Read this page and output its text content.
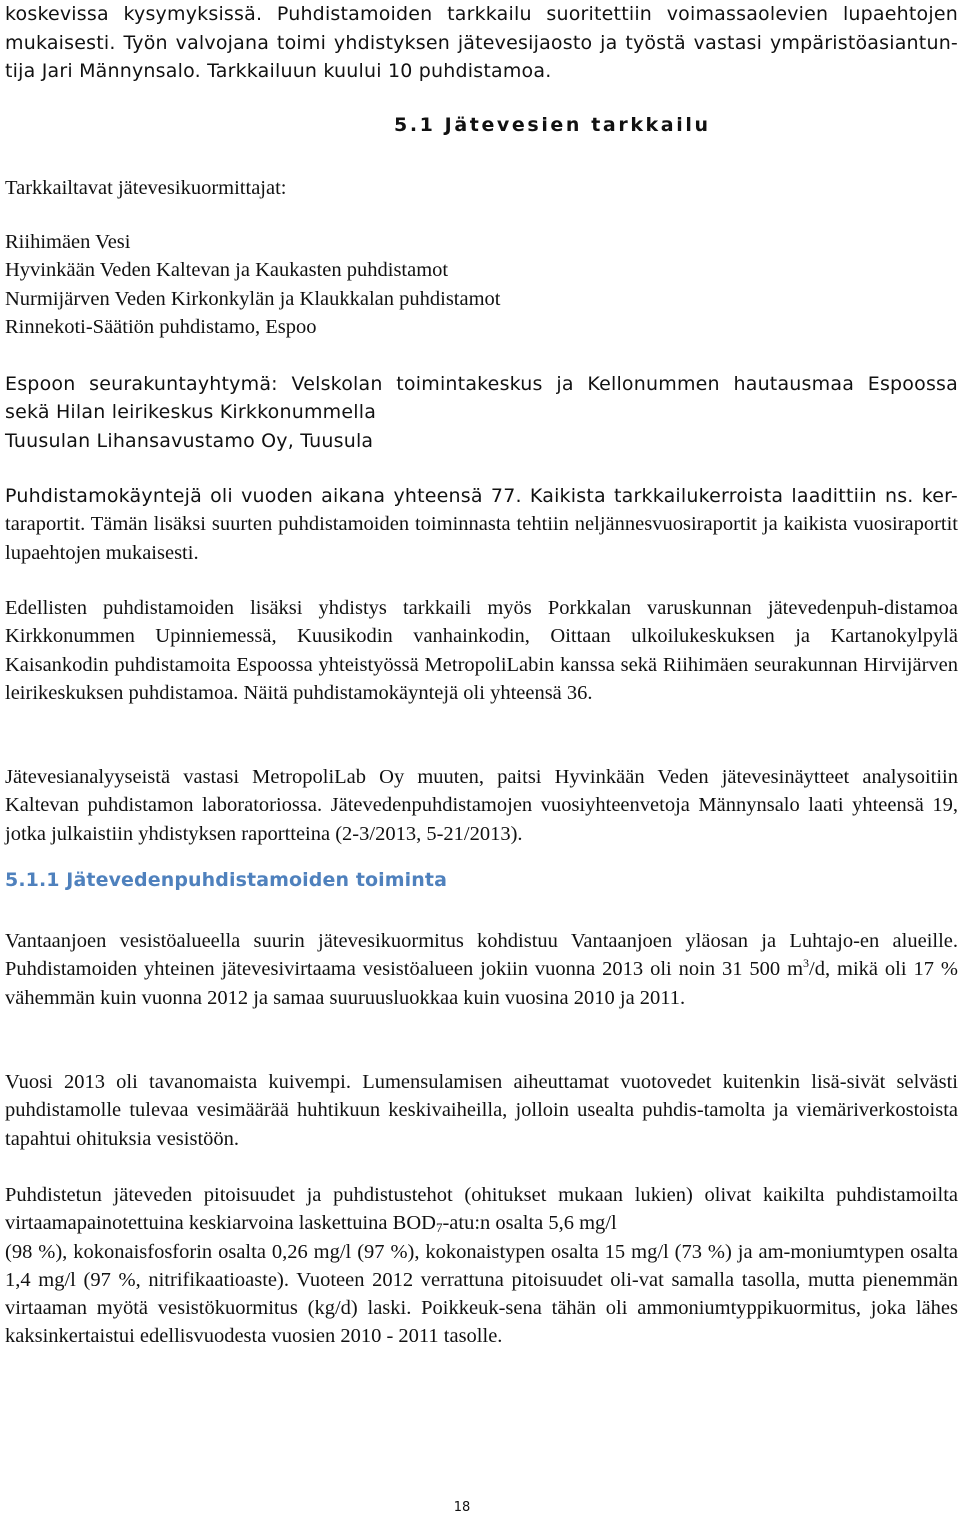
koskevissa kysymyksissä. Puhdistamoiden tarkkailu suoritettiin voimassaolevien lupaehtojen
mukaisesti. Työn valvojana toimi yhdistyksen jätevesijaosto ja työstä vastasi ympäristöasiantun-
tija Jari Männynsalo. Tarkkailuun kuului 10 puhdistamoa.
5.1 Jätevesien tarkkailu
Tarkkailtavat jätevesikuormittajat:
Riihimäen Vesi
Hyvinkään Veden Kaltevan ja Kaukasten puhdistamot
Nurmijärven Veden Kirkonkylän ja Klaukkalan puhdistamot
Rinnekoti-Säätiön puhdistamo, Espoo
Espoon seurakuntayhtymä: Velskolan toimintakeskus ja Kellonummen hautausmaa Espoossa
sekä Hilan leirikeskus Kirkkonummella
Tuusulan Lihansavustamo Oy, Tuusula
Puhdistamokäyntejä oli vuoden aikana yhteensä 77. Kaikista tarkkailukerroista laadittiin ns. ker-
taraportit. Tämän lisäksi suurten puhdistamoiden toiminnasta tehtiin neljännesvuosiraportit ja kaikista vuosiraportit lupaehtojen mukaisesti.

Edellisten puhdistamoiden lisäksi yhdistys tarkkaili myös Porkkalan varuskunnan jätevedenpuh-distamoa Kirkkonummen Upinniemessä, Kuusikodin vanhainkodin, Oittaan ulkoilukeskuksen ja Kartanokylpylä Kaisankodin puhdistamoita Espoossa yhteistyössä MetropoliLabin kanssa sekä Riihimäen seurakunnan Hirvijärven leirikeskuksen puhdistamoa. Näitä puhdistamokäyntejä oli yhteensä 36.

Jätevesianalyyseistä vastasi MetropoliLab Oy muuten, paitsi Hyvinkään Veden jätevesinäytteet analysoitiin Kaltevan puhdistamon laboratoriossa. Jätevedenpuhdistamojen vuosiyhteenvetoja Männynsalo laati yhteensä 19, jotka julkaistiin yhdistyksen raportteina (2-3/2013, 5-21/2013).

5.1.1 Jätevedenpuhdistamoiden toiminta

Vantaanjoen vesistöalueella suurin jätevesikuormitus kohdistuu Vantaanjoen yläosan ja Luhtajo-en alueille. Puhdistamoiden yhteinen jätevesivirtaama vesistöalueen jokiin vuonna 2013 oli noin 31 500 $m^3/d$, mikä oli 17 % vähemmän kuin vuonna 2012 ja samaa suuruusluokkaa kuin vuosina 2010 ja 2011.

Vuosi 2013 oli tavanomaista kuivempi. Lumensulamisen aiheuttamat vuotovedet kuitenkin lisä-sivät selvästi puhdistamolle tulevaa vesimäärää huhtikuun keskivaiheilla, jolloin usealta puhdis-tamolta ja viemäriverkostoista tapahtui ohituksia vesistöön.

Puhdistetun jäteveden pitoisuudet ja puhdistustehot (ohitukset mukaan lukien) olivat kaikilta puhdistamoilta virtaamapainotettuina keskiarvoina laskettuina $BOD_7-atu:n$ osalta 5,6 mg/l
(98 %), kokonaisfosforin osalta 0,26 mg/l (97 %), kokonaistypen osalta 15 mg/l (73 %) ja am-moniumtypen osalta 1,4 mg/l (97 %, nitrifikaatioaste). Vuoteen 2012 verrattuna pitoisuudet oli-vat samalla tasolla, mutta pienemmän virtaaman myötä vesistökuormitus (kg/d) laski. Poikkeuk-sena tähän oli ammoniumtyppikuormitus, joka lähes kaksinkertaistui edellisvuodesta vuosien 2010 - 2011 tasolle.
18
